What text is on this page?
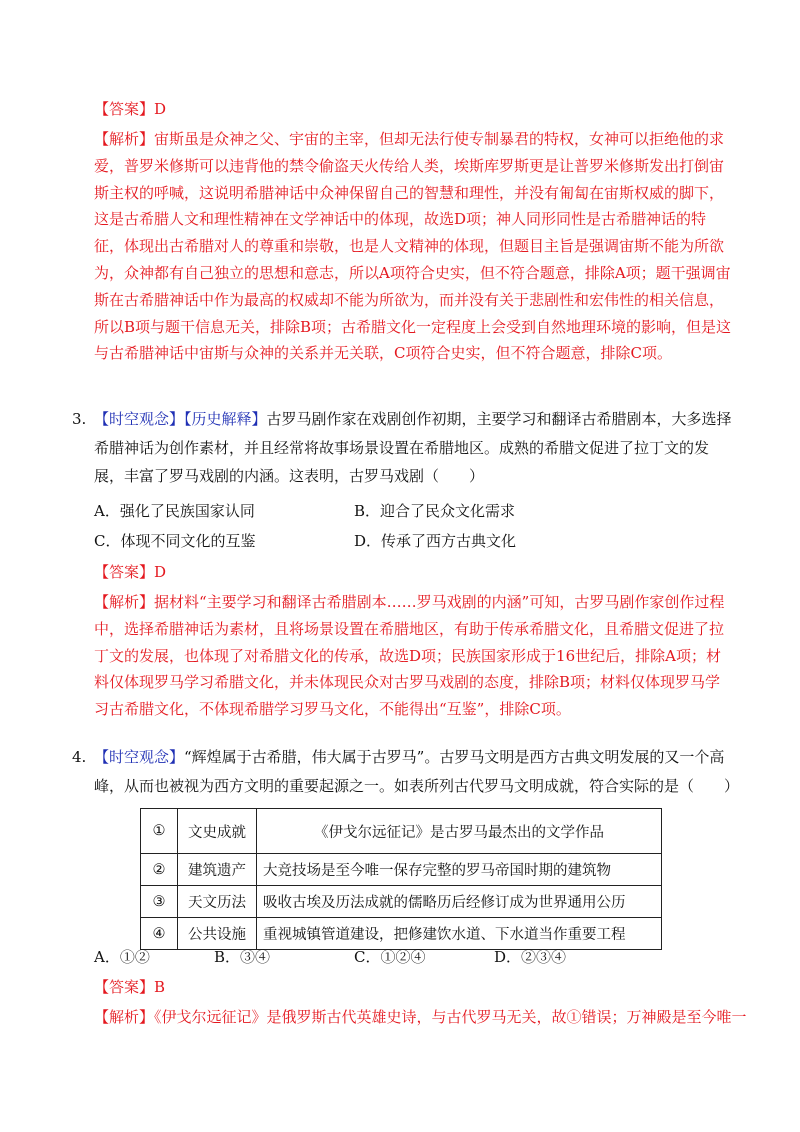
【答案】D
【解析】宙斯虽是众神之父、宇宙的主宰，但却无法行使专制暴君的特权，女神可以拒绝他的求爱，普罗米修斯可以违背他的禁令偷盗天火传给人类，埃斯库罗斯更是让普罗米修斯发出打倒宙斯主权的呼喊，这说明希腊神话中众神保留自己的智慧和理性，并没有匍匐在宙斯权威的脚下，这是古希腊人文和理性精神在文学神话中的体现，故选D项；神人同形同性是古希腊神话的特征，体现出古希腊对人的尊重和崇敬，也是人文精神的体现，但题目主旨是强调宙斯不能为所欲为，众神都有自己独立的思想和意志，所以A项符合史实，但不符合题意，排除A项；题干强调宙斯在古希腊神话中作为最高的权威却不能为所欲为，而并没有关于悲剧性和宏伟性的相关信息，所以B项与题干信息无关，排除B项；古希腊文化一定程度上会受到自然地理环境的影响，但是这与古希腊神话中宙斯与众神的关系并无关联，C项符合史实，但不符合题意，排除C项。
3. 【时空观念】【历史解释】古罗马剧作家在戏剧创作初期，主要学习和翻译古希腊剧本，大多选择希腊神话为创作素材，并且经常将故事场景设置在希腊地区。成熟的希腊文促进了拉丁文的发展，丰富了罗马戏剧的内涵。这表明，古罗马戏剧（　　）
A．强化了民族国家认同	B．迎合了民众文化需求
C．体现不同文化的互鉴	D．传承了西方古典文化
【答案】D
【解析】据材料“主要学习和翻译古希腊剧本……罗马戏剧的内涵”可知，古罗马剧作家创作过程中，选择希腊神话为素材，且将场景设置在希腊地区，有助于传承希腊文化，且希腊文促进了拉丁文的发展，也体现了对希腊文化的传承，故选D项；民族国家形成于16世纪后，排除A项；材料仅体现罗马学习希腊文化，并未体现民众对古罗马戏剧的态度，排除B项；材料仅体现罗马学习古希腊文化，不体现希腊学习罗马文化，不能得出“互鉴”，排除C项。
4. 【时空观念】“辉煌属于古希腊，伟大属于古罗马”。古罗马文明是西方古典文明发展的又一个高峰，从而也被视为西方文明的重要起源之一。如表所列古代罗马文明成就，符合实际的是（　　）
①	文史成就	《伊戈尔远征记》是古罗马最杰出的文学作品
②	建筑遗产	大竞技场是至今唯一保存完整的罗马帝国时期的建筑物
③	天文历法	吸收古埃及历法成就的儒略历后经修订成为世界通用公历
④	公共设施	重视城镇管道建设，把修建饮水道、下水道当作重要工程
A．①②	B．③④	C．①②④	D．②③④
【答案】B
【解析】《伊戈尔远征记》是俄罗斯古代英雄史诗，与古代罗马无关，故①错误；万神殿是至今唯一
